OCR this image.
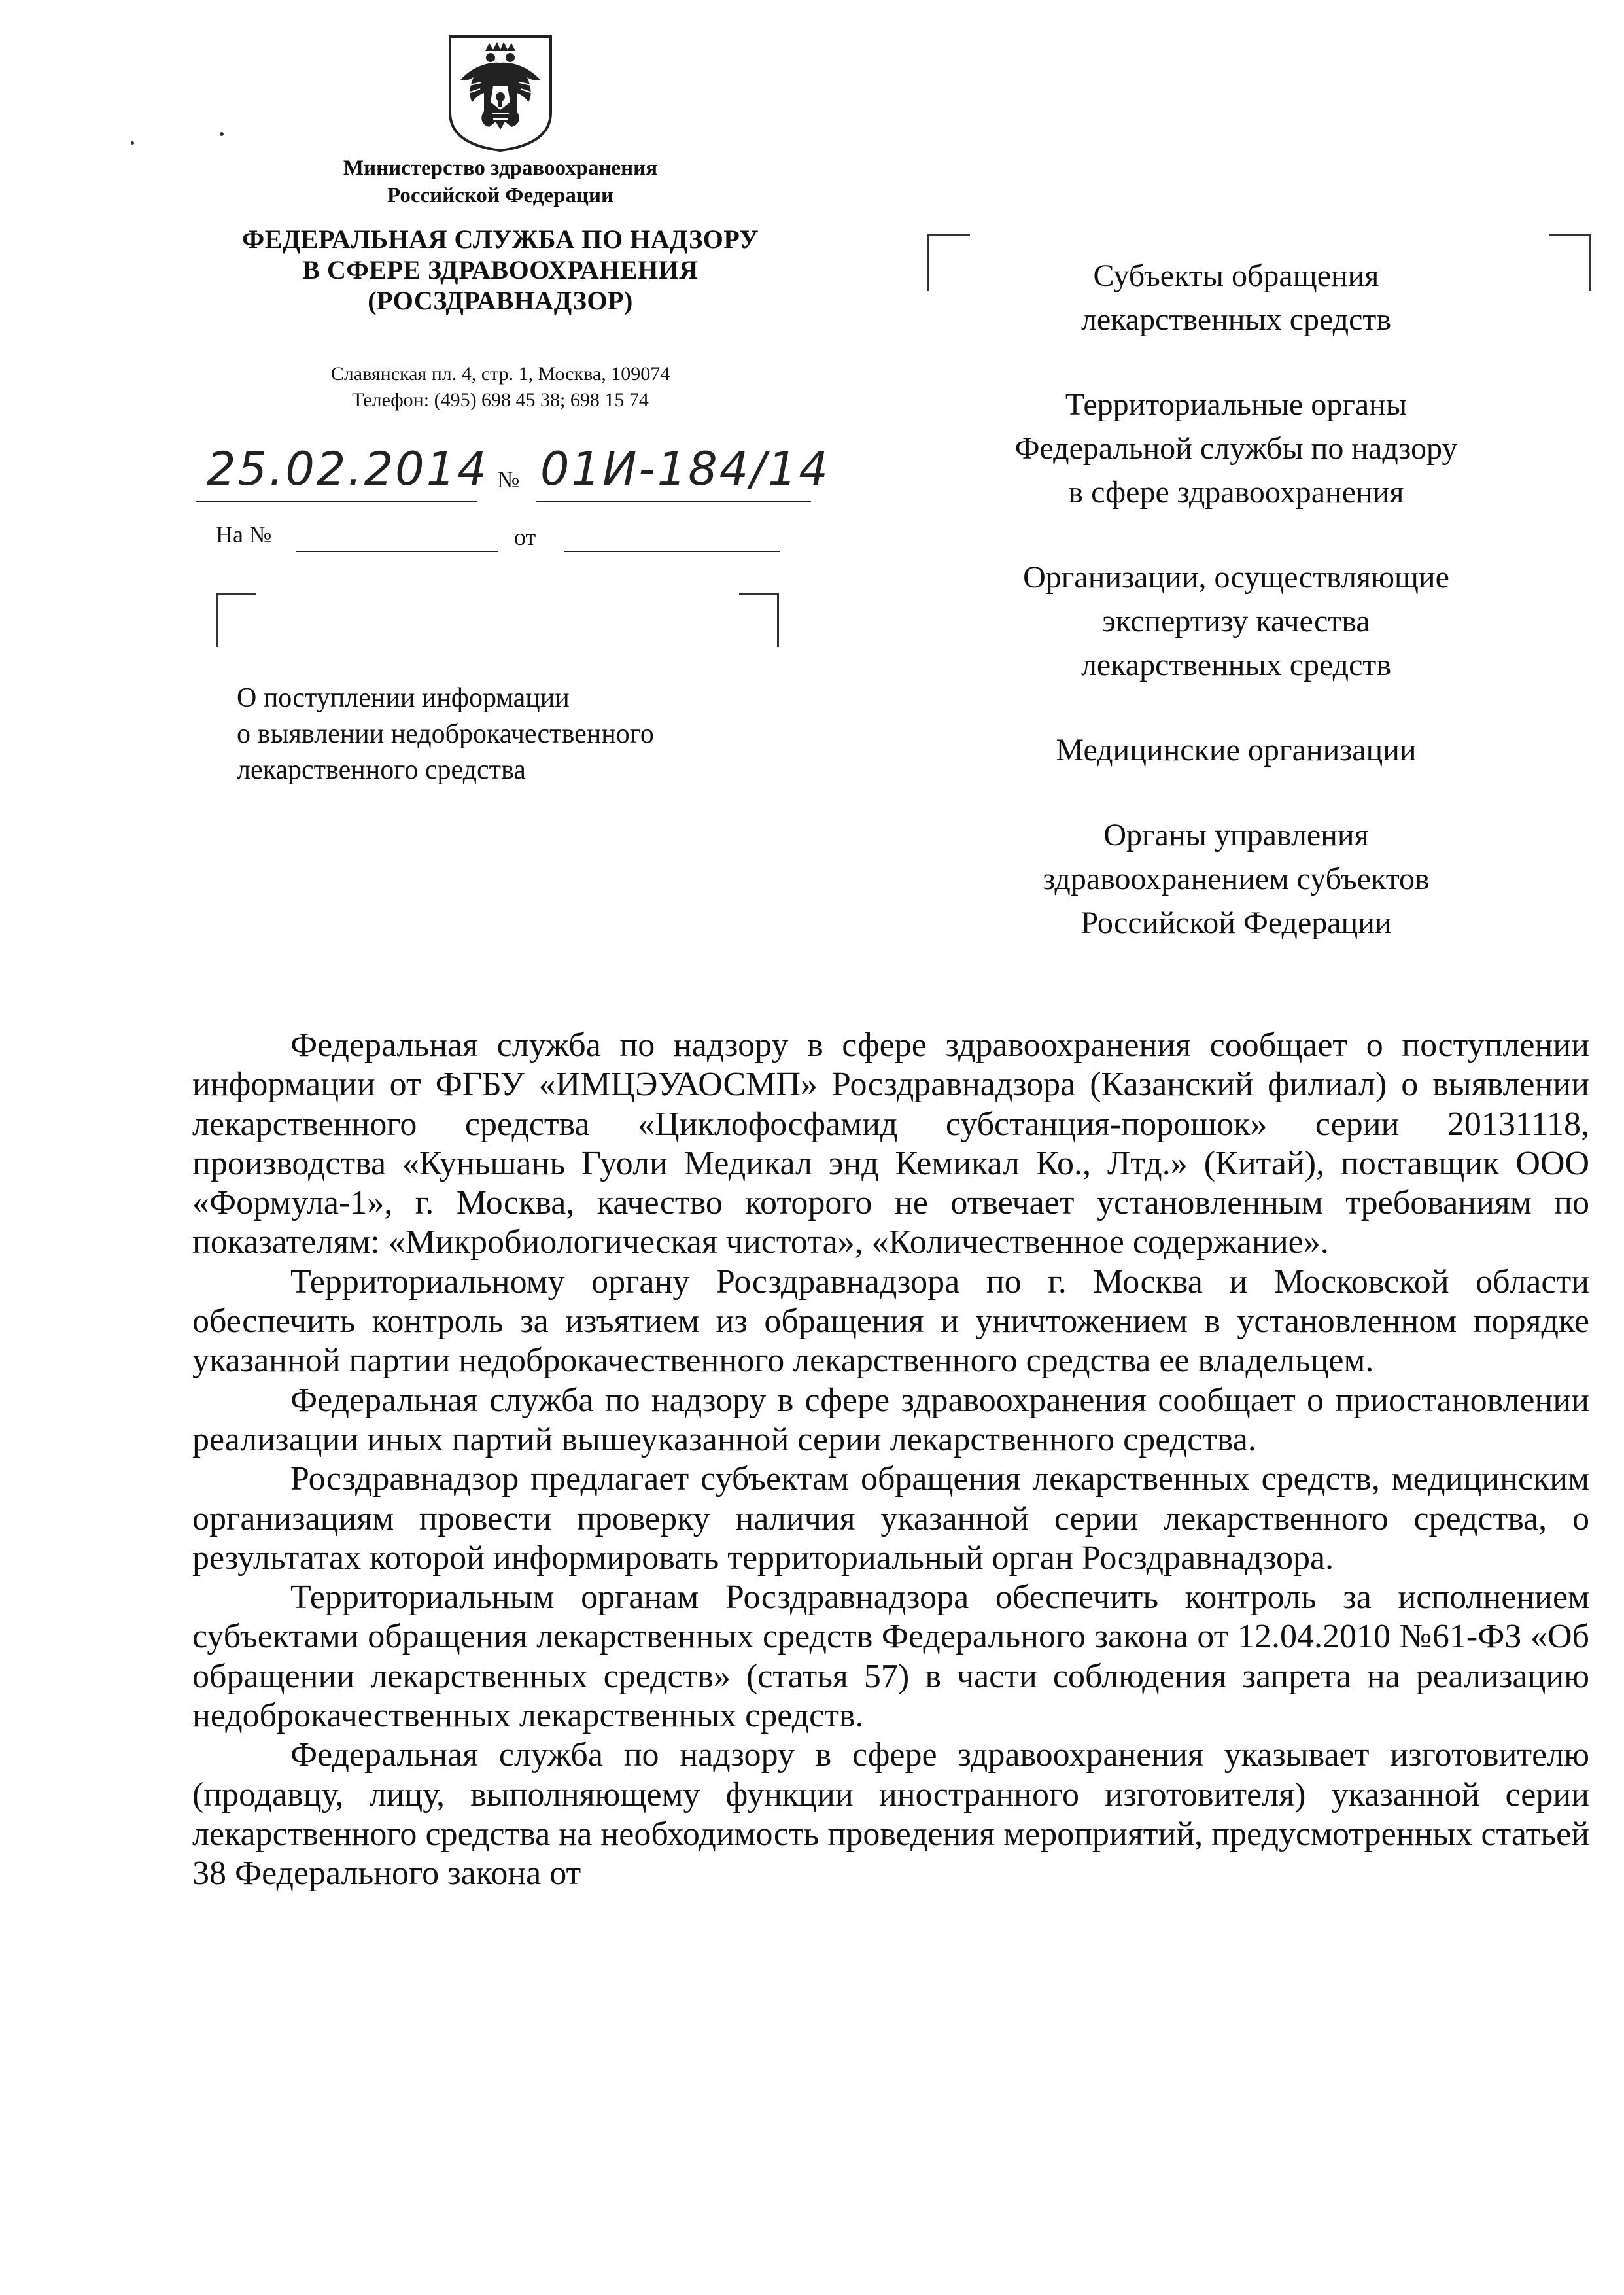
Министерство здравоохранения
Российской Федерации
ФЕДЕРАЛЬНАЯ СЛУЖБА ПО НАДЗОРУ
В СФЕРЕ ЗДРАВООХРАНЕНИЯ
(РОСЗДРАВНАДЗОР)
Славянская пл. 4, стр. 1, Москва, 109074
Телефон: (495) 698 45 38; 698 15 74
25.02.2014 № 01И-184/14
На №	от
О поступлении информации
о выявлении недоброкачественного
лекарственного средства
Субъекты обращения
лекарственных средств
Территориальные органы
Федеральной службы по надзору
в сфере здравоохранения
Организации, осуществляющие
экспертизу качества
лекарственных средств
Медицинские организации
Органы управления
здравоохранением субъектов
Российской Федерации

Федеральная служба по надзору в сфере здравоохранения сообщает о поступлении информации от ФГБУ «ИМЦЭУАОСМП» Росздравнадзора (Казанский филиал) о выявлении лекарственного средства «Циклофосфамид субстанция-порошок» серии 20131118, производства «Куньшань Гуоли Медикал энд Кемикал Ко., Лтд.» (Китай), поставщик ООО «Формула-1», г. Москва, качество которого не отвечает установленным требованиям по показателям: «Микробиологическая чистота», «Количественное содержание».

Территориальному органу Росздравнадзора по г. Москва и Московской области обеспечить контроль за изъятием из обращения и уничтожением в установленном порядке указанной партии недоброкачественного лекарственного средства ее владельцем.

Федеральная служба по надзору в сфере здравоохранения сообщает о приостановлении реализации иных партий вышеуказанной серии лекарственного средства.

Росздравнадзор предлагает субъектам обращения лекарственных средств, медицинским организациям провести проверку наличия указанной серии лекарственного средства, о результатах которой информировать территориальный орган Росздравнадзора.

Территориальным органам Росздравнадзора обеспечить контроль за исполнением субъектами обращения лекарственных средств Федерального закона от 12.04.2010 №61-ФЗ «Об обращении лекарственных средств» (статья 57) в части соблюдения запрета на реализацию недоброкачественных лекарственных средств.

Федеральная служба по надзору в сфере здравоохранения указывает изготовителю (продавцу, лицу, выполняющему функции иностранного изготовителя) указанной серии лекарственного средства на необходимость проведения мероприятий, предусмотренных статьей 38 Федерального закона от
